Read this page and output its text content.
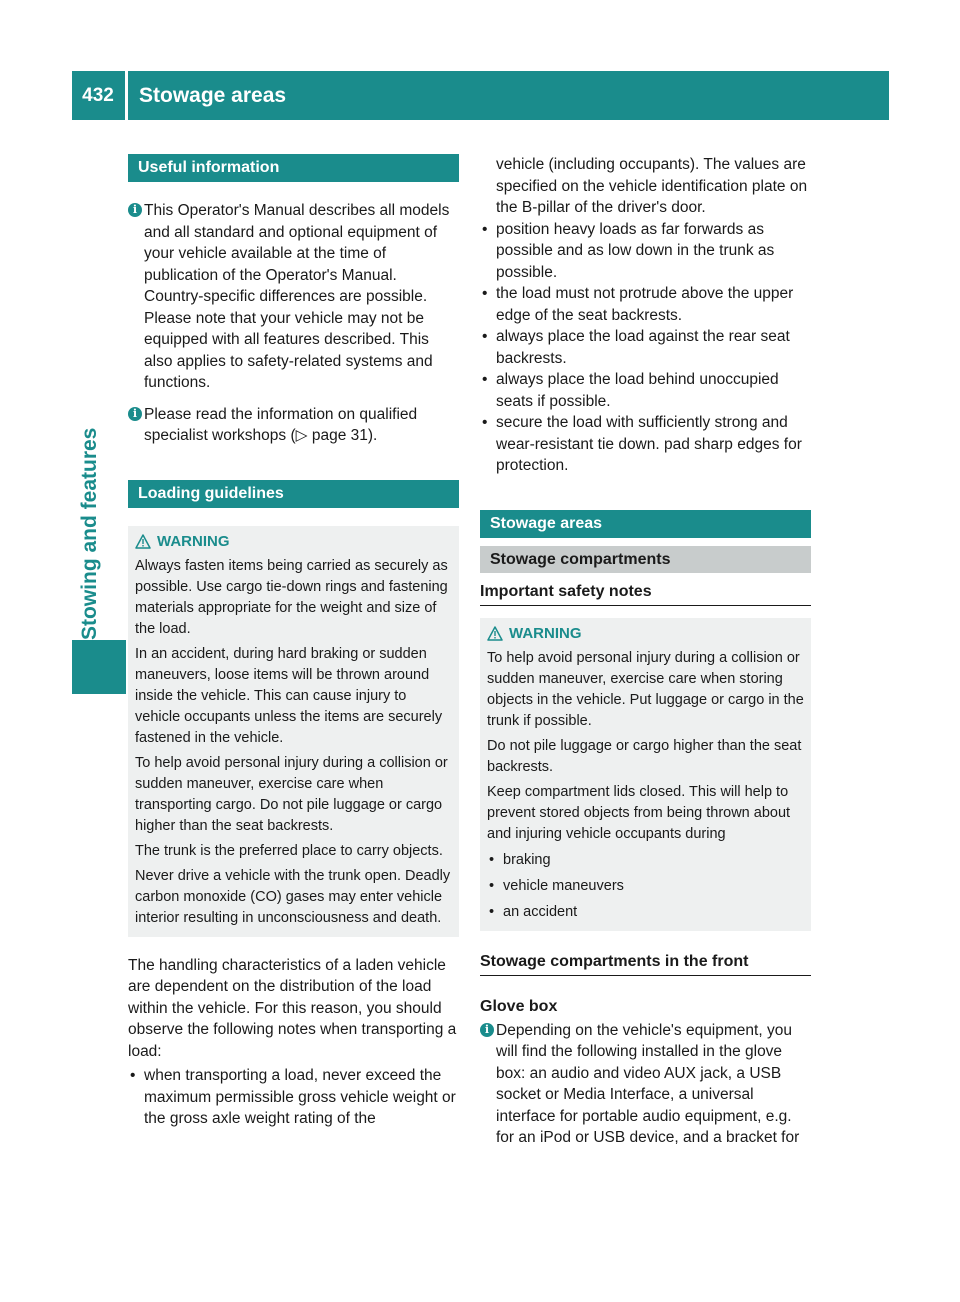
432	Stowage areas
Stowing and features
Useful information
i This Operator's Manual describes all models and all standard and optional equipment of your vehicle available at the time of publication of the Operator's Manual. Country-specific differences are possible. Please note that your vehicle may not be equipped with all features described. This also applies to safety-related systems and functions.

i Please read the information on qualified specialist workshops (▷ page 31).

Loading guidelines
WARNING

Always fasten items being carried as securely as possible. Use cargo tie-down rings and fastening materials appropriate for the weight and size of the load.

In an accident, during hard braking or sudden maneuvers, loose items will be thrown around inside the vehicle. This can cause injury to vehicle occupants unless the items are securely fastened in the vehicle.

To help avoid personal injury during a collision or sudden maneuver, exercise care when transporting cargo. Do not pile luggage or cargo higher than the seat backrests.

The trunk is the preferred place to carry objects.

Never drive a vehicle with the trunk open. Deadly carbon monoxide (CO) gases may enter vehicle interior resulting in unconsciousness and death.

The handling characteristics of a laden vehicle are dependent on the distribution of the load within the vehicle. For this reason, you should observe the following notes when transporting a load:

• when transporting a load, never exceed the maximum permissible gross vehicle weight or the gross axle weight rating of the
vehicle (including occupants). The values are specified on the vehicle identification plate on the B-pillar of the driver's door.
• position heavy loads as far forwards as possible and as low down in the trunk as possible.
• the load must not protrude above the upper edge of the seat backrests.
• always place the load against the rear seat backrests.
• always place the load behind unoccupied seats if possible.
• secure the load with sufficiently strong and wear-resistant tie down. pad sharp edges for protection.
Stowage areas
Stowage compartments
Important safety notes
WARNING

To help avoid personal injury during a collision or sudden maneuver, exercise care when storing objects in the vehicle. Put luggage or cargo in the trunk if possible.

Do not pile luggage or cargo higher than the seat backrests.

Keep compartment lids closed. This will help to prevent stored objects from being thrown about and injuring vehicle occupants during

• braking
• vehicle maneuvers
• an accident
Stowage compartments in the front
Glove box
i Depending on the vehicle's equipment, you will find the following installed in the glove box: an audio and video AUX jack, a USB socket or Media Interface, a universal interface for portable audio equipment, e.g. for an iPod or USB device, and a bracket for
